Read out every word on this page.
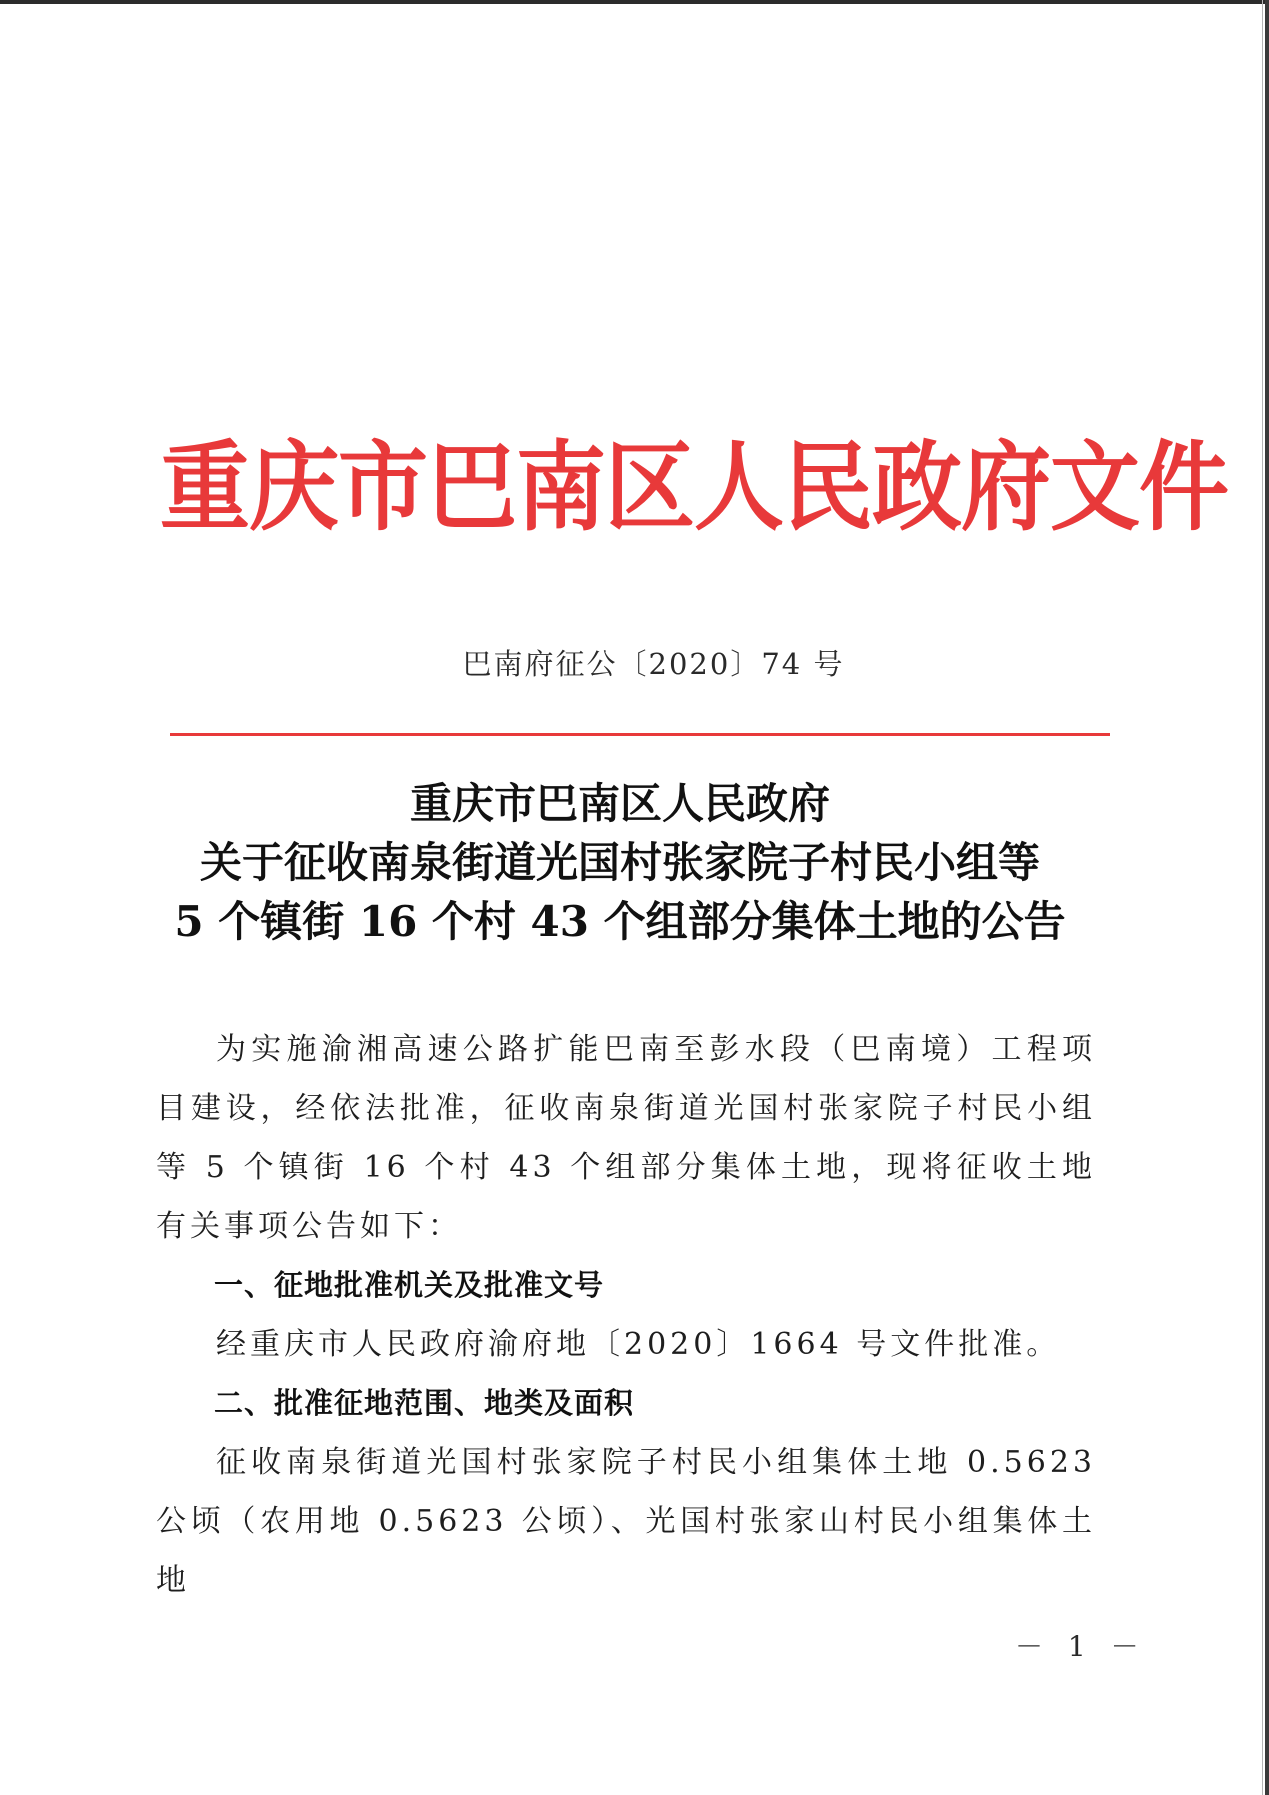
重庆市巴南区人民政府文件
巴南府征公〔2020〕74 号
重庆市巴南区人民政府
关于征收南泉街道光国村张家院子村民小组等
5 个镇街 16 个村 43 个组部分集体土地的公告

为实施渝湘高速公路扩能巴南至彭水段（巴南境）工程项目建设，经依法批准，征收南泉街道光国村张家院子村民小组等 5 个镇街 16 个村 43 个组部分集体土地，现将征收土地有关事项公告如下：

一、征地批准机关及批准文号

经重庆市人民政府渝府地〔2020〕1664 号文件批准。

二、批准征地范围、地类及面积

征收南泉街道光国村张家院子村民小组集体土地 0.5623 公顷（农用地 0.5623 公顷）、光国村张家山村民小组集体土地

－ 1 －
